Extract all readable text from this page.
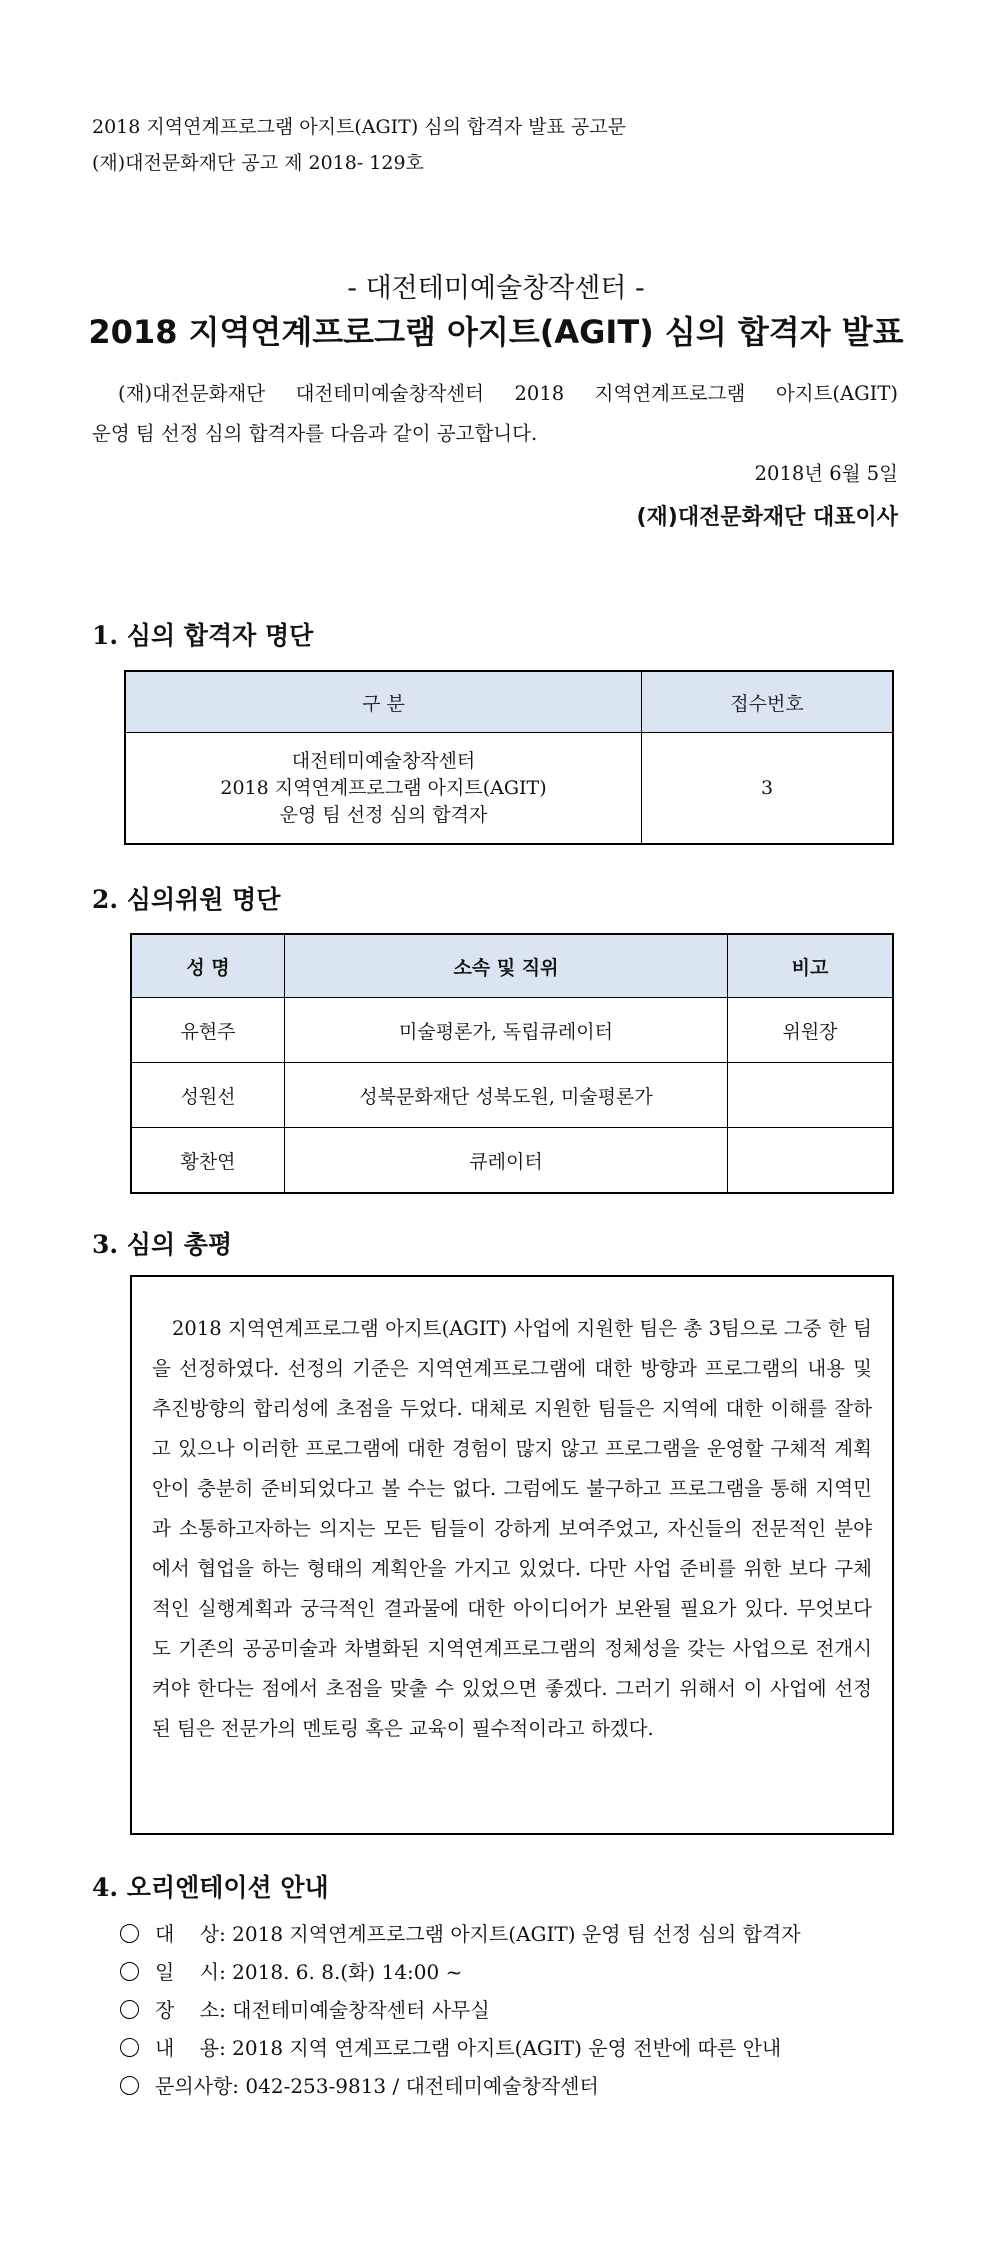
2018 지역연계프로그램 아지트(AGIT) 심의 합격자 발표 공고문
(재)대전문화재단 공고 제 2018- 129호
- 대전테미예술창작센터 -
2018 지역연계프로그램 아지트(AGIT) 심의 합격자 발표
(재)대전문화재단 대전테미예술창작센터 2018 지역연계프로그램 아지트(AGIT)
운영 팀 선정 심의 합격자를 다음과 같이 공고합니다.
2018년 6월 5일
(재)대전문화재단 대표이사
1. 심의 합격자 명단
구 분	접수번호

대전테미예술창작센터
2018 지역연계프로그램 아지트(AGIT)
운영 팀 선정 심의 합격자	3
2. 심의위원 명단
성 명	소속 및 직위	비고
유현주	미술평론가, 독립큐레이터	위원장
성원선	성북문화재단 성북도원, 미술평론가	
황찬연	큐레이터	
3. 심의 총평
2018 지역연계프로그램 아지트(AGIT) 사업에 지원한 팀은 총 3팀으로 그중 한 팀을 선정하였다. 선정의 기준은 지역연계프로그램에 대한 방향과 프로그램의 내용 및 추진방향의 합리성에 초점을 두었다. 대체로 지원한 팀들은 지역에 대한 이해를 잘하고 있으나 이러한 프로그램에 대한 경험이 많지 않고 프로그램을 운영할 구체적 계획안이 충분히 준비되었다고 볼 수는 없다. 그럼에도 불구하고 프로그램을 통해 지역민과 소통하고자하는 의지는 모든 팀들이 강하게 보여주었고, 자신들의 전문적인 분야에서 협업을 하는 형태의 계획안을 가지고 있었다. 다만 사업 준비를 위한 보다 구체적인 실행계획과 궁극적인 결과물에 대한 아이디어가 보완될 필요가 있다. 무엇보다도 기존의 공공미술과 차별화된 지역연계프로그램의 정체성을 갖는 사업으로 전개시켜야 한다는 점에서 초점을 맞출 수 있었으면 좋겠다. 그러기 위해서 이 사업에 선정된 팀은 전문가의 멘토링 혹은 교육이 필수적이라고 하겠다.
4. 오리엔테이션 안내
대    상: 2018 지역연계프로그램 아지트(AGIT) 운영 팀 선정 심의 합격자
일    시: 2018. 6. 8.(화) 14:00 ~
장    소: 대전테미예술창작센터 사무실
내    용: 2018 지역 연계프로그램 아지트(AGIT) 운영 전반에 따른 안내
문의사항: 042-253-9813 / 대전테미예술창작센터
